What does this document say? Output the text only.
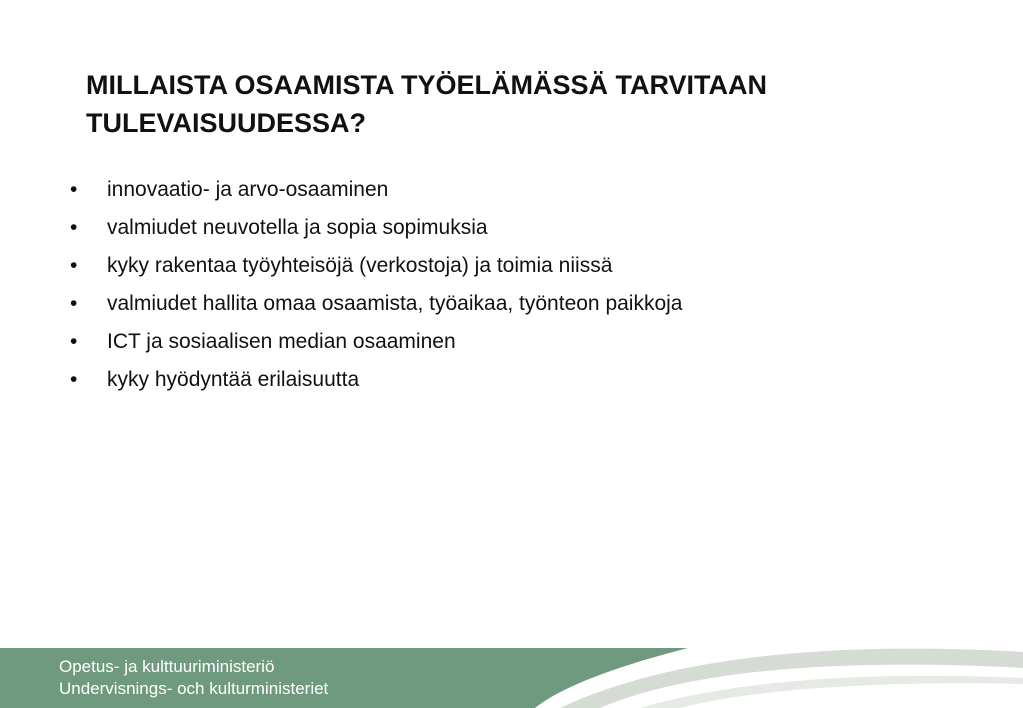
MILLAISTA OSAAMISTA TYÖELÄMÄSSÄ TARVITAAN
TULEVAISUUDESSA?
• innovaatio- ja arvo-osaaminen
• valmiudet neuvotella ja sopia sopimuksia
• kyky rakentaa työyhteisöjä (verkostoja) ja toimia niissä
• valmiudet hallita omaa osaamista, työaikaa, työnteon paikkoja
• ICT ja sosiaalisen median osaaminen
• kyky hyödyntää erilaisuutta
Opetus- ja kulttuuriministeriö
Undervisnings- och kulturministeriet
